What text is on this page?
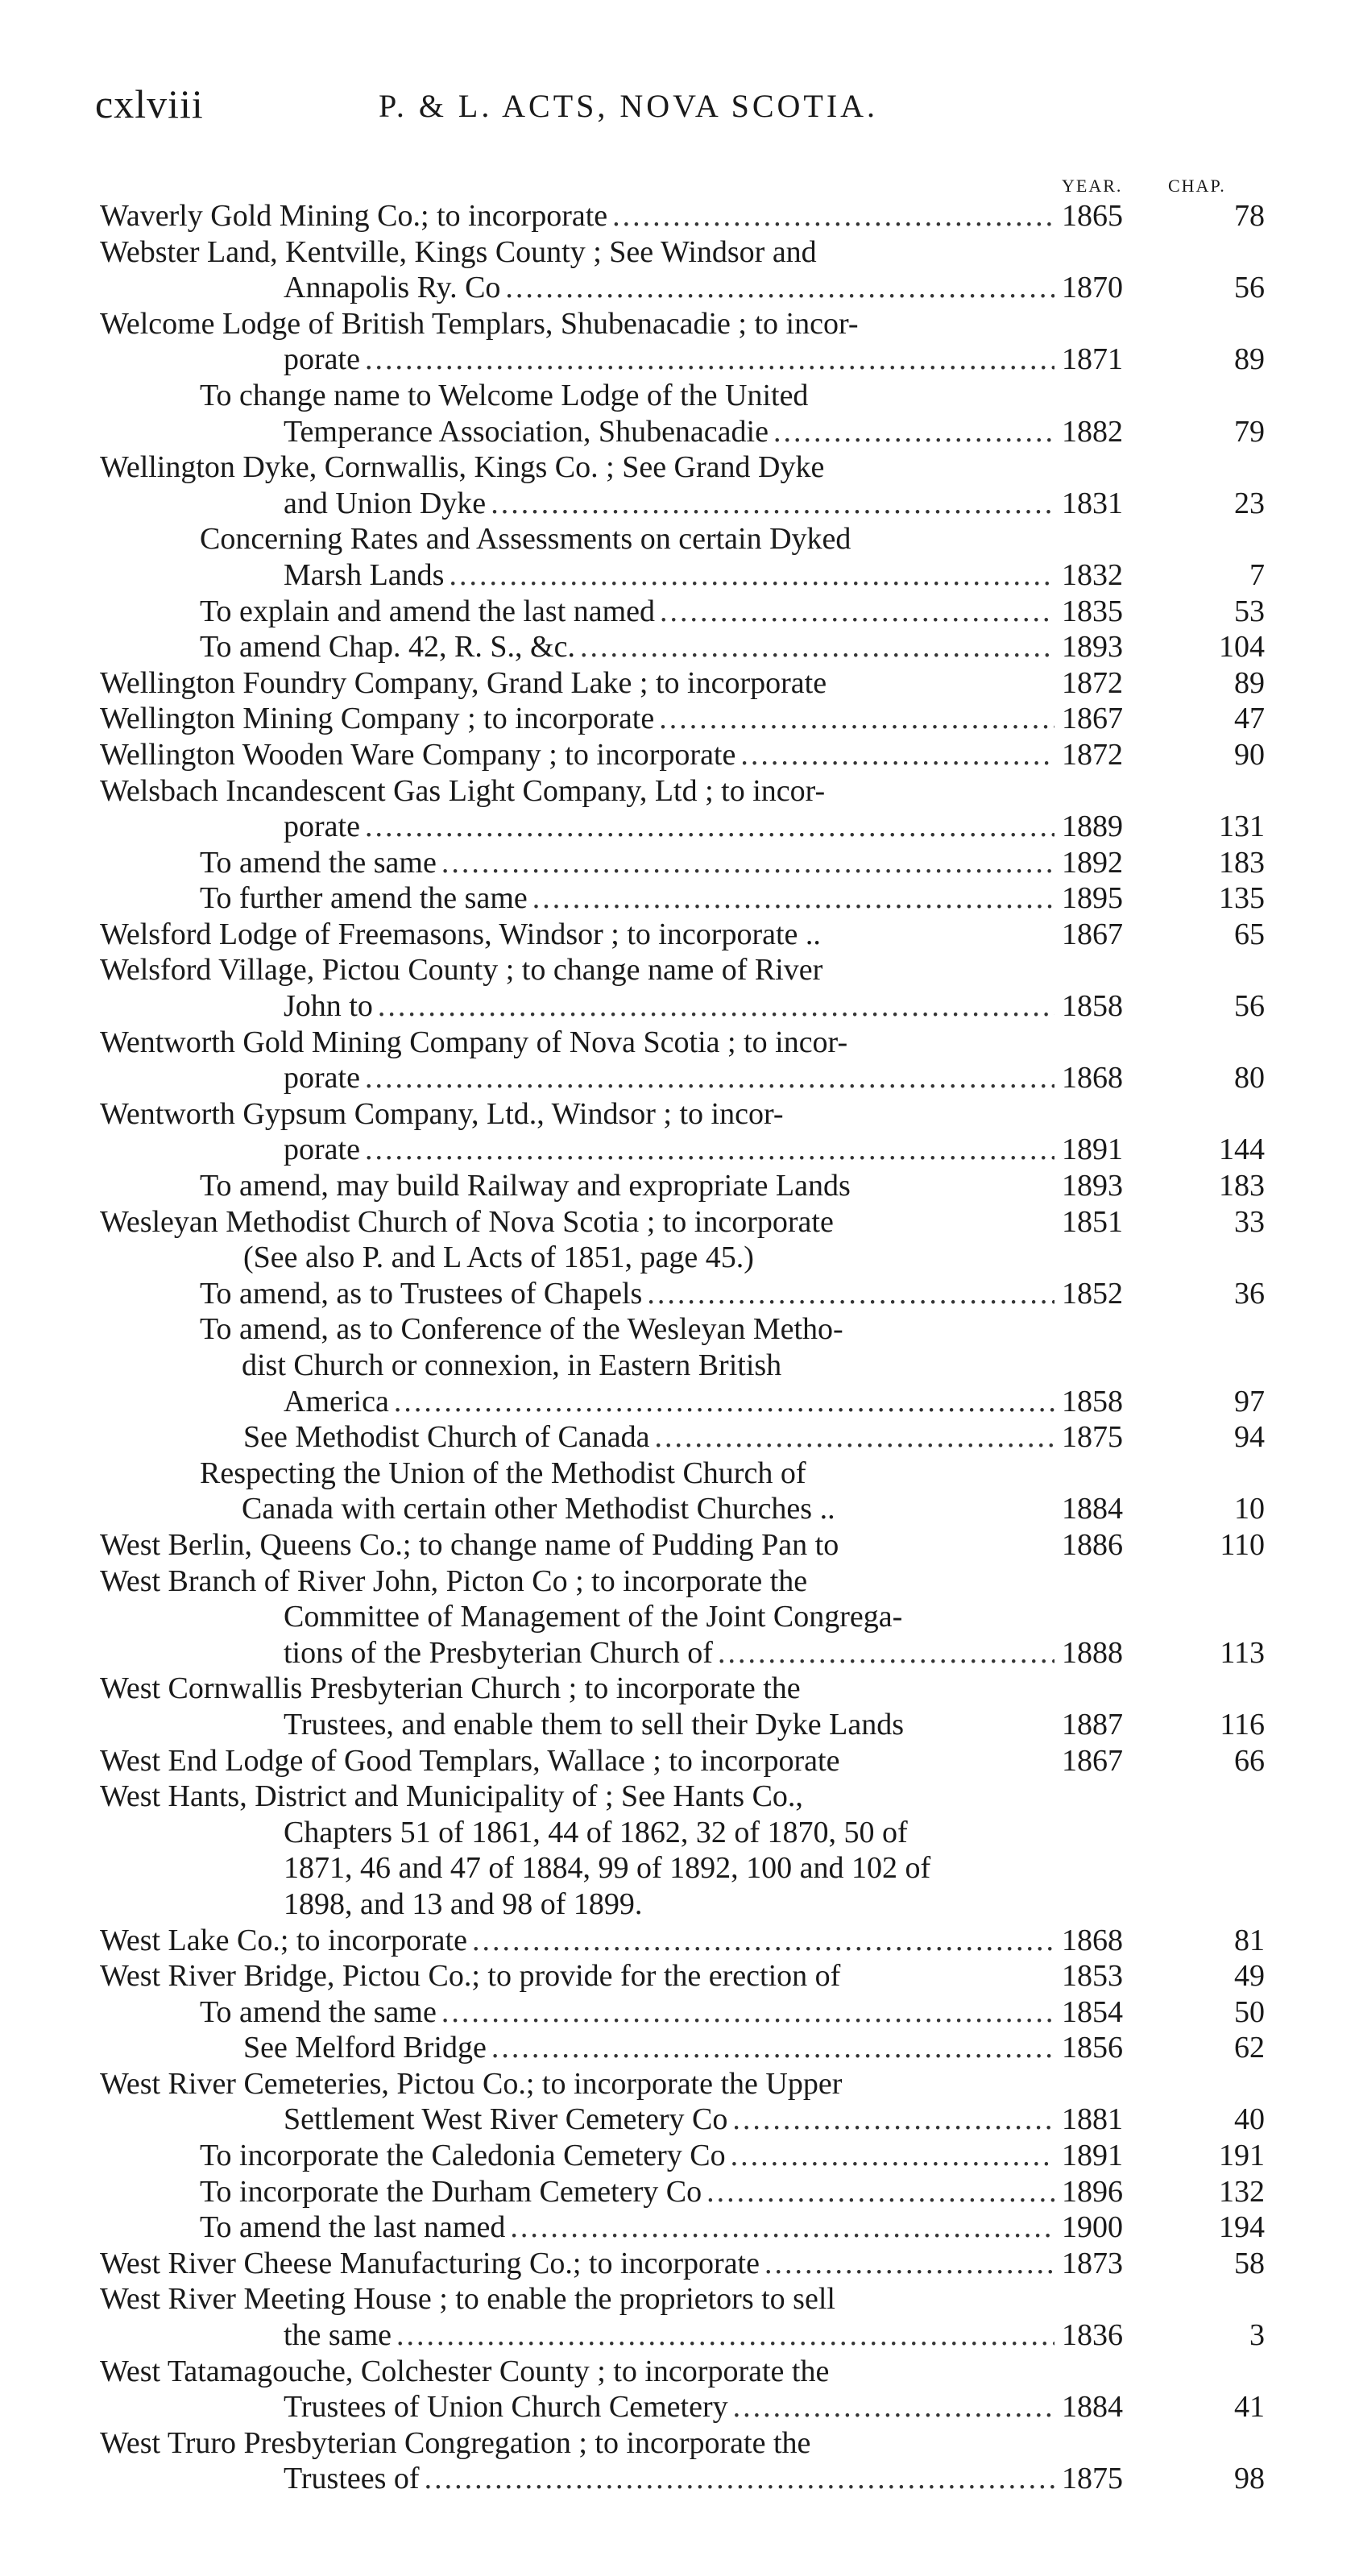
cxlviii	P. & L. ACTS, NOVA SCOTIA.
YEAR.	CHAP.
Waverly Gold Mining Co.; to incorporate .....	1865	78
Webster Land, Kentville, Kings County ; See Windsor and
Annapolis Ry. Co .....	1870	56
Welcome Lodge of British Templars, Shubenacadie ; to incor-
porate .....	1871	89
To change name to Welcome Lodge of the United
Temperance Association, Shubenacadie .....	1882	79
Wellington Dyke, Cornwallis, Kings Co. ; See Grand Dyke
and Union Dyke .....	1831	23
Concerning Rates and Assessments on certain Dyked
Marsh Lands .....	1832	7
To explain and amend the last named .....	1835	53
To amend Chap. 42, R. S., &c. .....	1893	104
Wellington Foundry Company, Grand Lake ; to incorporate	1872	89
Wellington Mining Company ; to incorporate .....	1867	47
Wellington Wooden Ware Company ; to incorporate .....	1872	90
Welsbach Incandescent Gas Light Company, Ltd ; to incor-
porate .....	1889	131
To amend the same .....	1892	183
To further amend the same .....	1895	135
Welsford Lodge of Freemasons, Windsor ; to incorporate ..	1867	65
Welsford Village, Pictou County ; to change name of River
John to .....	1858	56
Wentworth Gold Mining Company of Nova Scotia ; to incor-
porate .....	1868	80
Wentworth Gypsum Company, Ltd., Windsor ; to incor-
porate .....	1891	144
To amend, may build Railway and expropriate Lands	1893	183
Wesleyan Methodist Church of Nova Scotia ; to incorporate	1851	33
(See also P. and L Acts of 1851, page 45.)
To amend, as to Trustees of Chapels .....	1852	36
To amend, as to Conference of the Wesleyan Metho-
dist Church or connexion, in Eastern British
America .....	1858	97
See Methodist Church of Canada .....	1875	94
Respecting the Union of the Methodist Church of
Canada with certain other Methodist Churches ..	1884	10
West Berlin, Queens Co.; to change name of Pudding Pan to	1886	110
West Branch of River John, Picton Co ; to incorporate the
Committee of Management of the Joint Congrega-
tions of the Presbyterian Church of .....	1888	113
West Cornwallis Presbyterian Church ; to incorporate the
Trustees, and enable them to sell their Dyke Lands	1887	116
West End Lodge of Good Templars, Wallace ; to incorporate	1867	66
West Hants, District and Municipality of ; See Hants Co.,
Chapters 51 of 1861, 44 of 1862, 32 of 1870, 50 of
1871, 46 and 47 of 1884, 99 of 1892, 100 and 102 of
1898, and 13 and 98 of 1899.
West Lake Co.; to incorporate .....	1868	81
West River Bridge, Pictou Co.; to provide for the erection of	1853	49
To amend the same .....	1854	50
See Melford Bridge .....	1856	62
West River Cemeteries, Pictou Co.; to incorporate the Upper
Settlement West River Cemetery Co .....	1881	40
To incorporate the Caledonia Cemetery Co .....	1891	191
To incorporate the Durham Cemetery Co .....	1896	132
To amend the last named .....	1900	194
West River Cheese Manufacturing Co.; to incorporate .....	1873	58
West River Meeting House ; to enable the proprietors to sell
the same .....	1836	3
West Tatamagouche, Colchester County ; to incorporate the
Trustees of Union Church Cemetery .....	1884	41
West Truro Presbyterian Congregation ; to incorporate the
Trustees of .....	1875	98
